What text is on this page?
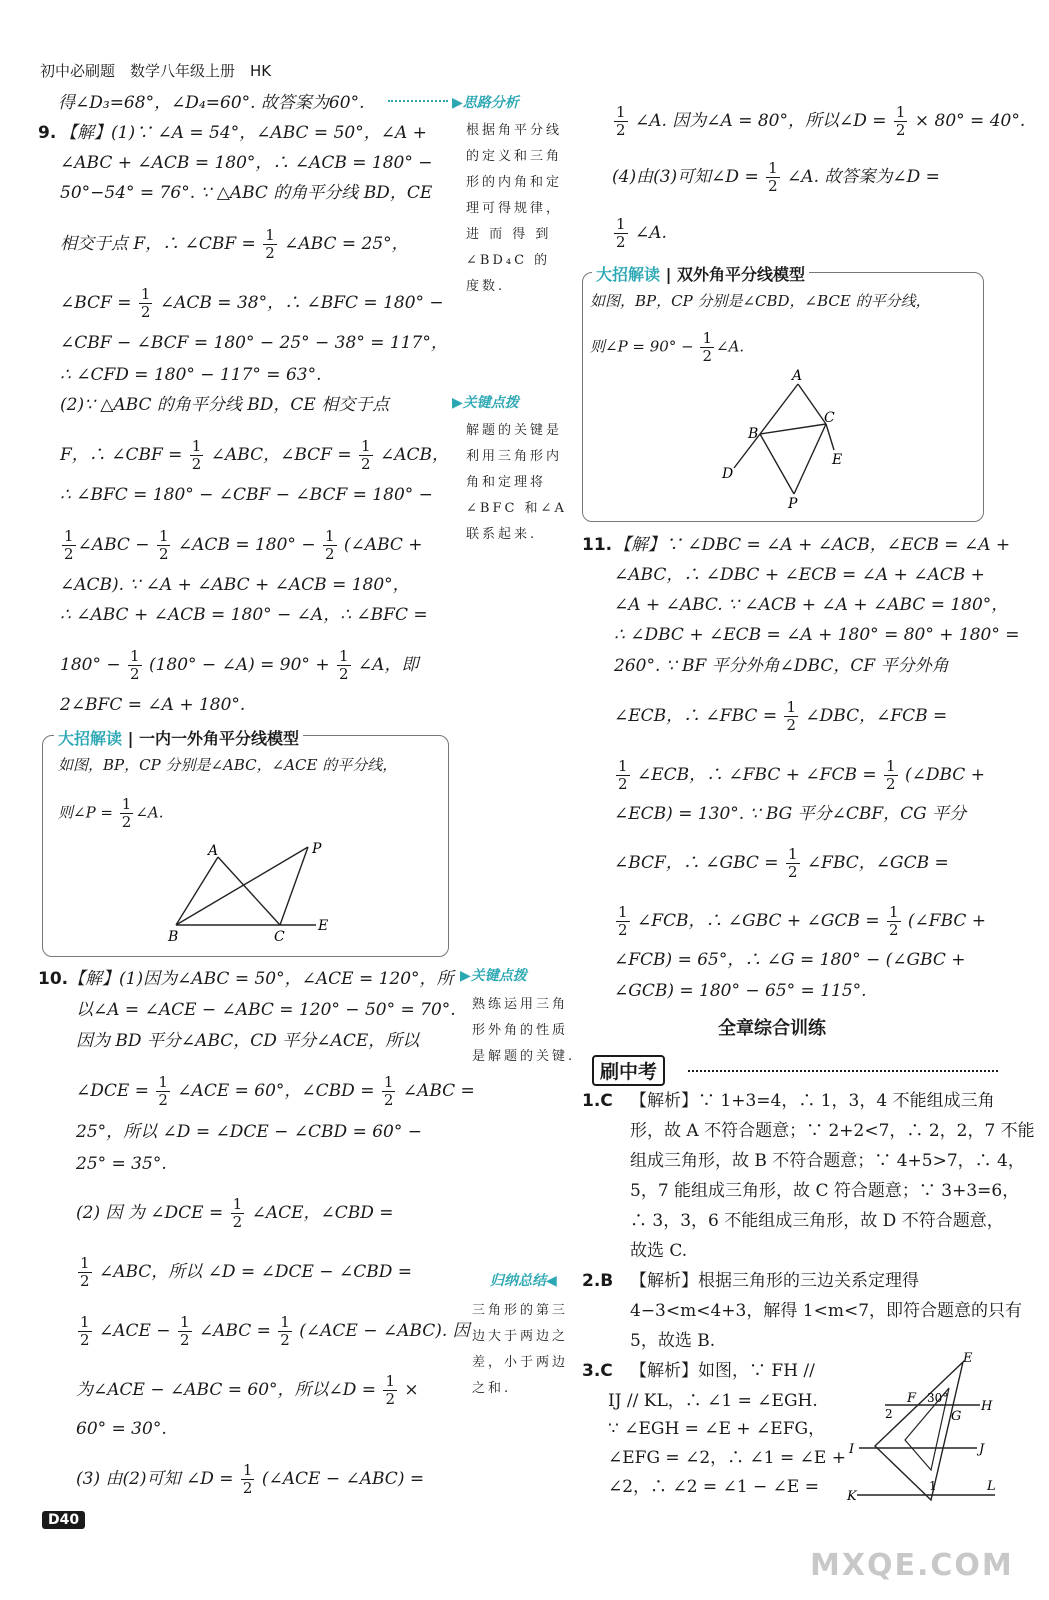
初中必刷题　数学八年级上册　HK
得∠D₃=68°，∠D₄=60°. 故答案为60°.	▶思路分析
9. 【解】(1)∵ ∠A = 54°，∠ABC = 50°，∠A +
∠ABC + ∠ACB = 180°，∴ ∠ACB = 180° −
50°−54° = 76°. ∵ △ABC 的角平分线 BD，CE
相交于点 F，∴ ∠CBF = $\frac{1}{2}$ ∠ABC = 25°，
∠BCF = $\frac{1}{2}$ ∠ACB = 38°，∴ ∠BFC = 180° −
∠CBF − ∠BCF = 180° − 25° − 38° = 117°，
∴ ∠CFD = 180° − 117° = 63°.
(2)∵ △ABC 的角平分线 BD，CE 相交于点
F，∴ ∠CBF = $\frac{1}{2}$ ∠ABC，∠BCF = $\frac{1}{2}$ ∠ACB，
∴ ∠BFC = 180° − ∠CBF − ∠BCF = 180° −
$\frac{1}{2}$ ∠ABC − $\frac{1}{2}$ ∠ACB = $180^\circ - \frac{1}{2}$ (∠ABC +
∠ACB). ∵ ∠A + ∠ABC + ∠ACB = 180°，
∴ ∠ABC + ∠ACB = 180° − ∠A，∴ ∠BFC =
$180^\circ - \frac{1}{2} (180^\circ$ − ∠A) = $90^\circ + \frac{1}{2}$ ∠A，即
2∠BFC = ∠A + 180°.
根据角平分线
的定义和三角
形的内角和定
理可得规律，
进 而 得 到
∠BD₄C 的
度数.
▶关键点拨
解题的关键是
利用三角形内
角和定理将
∠BFC 和∠A
联系起来.
大招解读 | 一内一外角平分线模型
如图，BP，CP 分别是∠ABC，∠ACE 的平分线，
则∠P = $\frac{1}{2}$ ∠A.
A
B	C
P
E
10. 【解】(1)因为∠ABC = 50°，∠ACE = 120°，所
以∠A = ∠ACE − ∠ABC = 120° − 50° = 70°.
因为 BD 平分∠ABC，CD 平分∠ACE，所以
∠DCE = $\frac{1}{2}$ ∠ACE = 60°，∠CBD = $\frac{1}{2}$ ∠ABC =
25°，所以 ∠D = ∠DCE − ∠CBD = 60° −
25° = 35°.
(2) 因 为 ∠DCE = $\frac{1}{2}$ ∠ACE，∠CBD =
$\frac{1}{2}$ ∠ABC，所以 ∠D = ∠DCE − ∠CBD =
$\frac{1}{2}$ ∠ACE − $\frac{1}{2}$ ∠ABC = $\frac{1}{2}$ (∠ACE − ∠ABC). 因
为∠ACE − ∠ABC = 60°，所以∠D = $\frac{1}{2}$ ×
60° = 30°.
(3) 由(2)可知 ∠D = $\frac{1}{2}$ (∠ACE − ∠ABC) =
▶关键点拨
熟练运用三角
形外角的性质
是解题的关键.
归纳总结◀
三角形的第三
边大于两边之
差，小于两边
之和.
D40
$\frac{1}{2}$ ∠A. 因为∠A = 80°，所以∠D = $\frac{1}{2} \times 80^\circ = 40^\circ$.
(4)由(3)可知∠D = $\frac{1}{2}$ ∠A. 故答案为∠D =
$\frac{1}{2}$ ∠A.
大招解读 | 双外角平分线模型
如图，BP，CP 分别是∠CBD，∠BCE 的平分线，
则∠P = $90^\circ - \frac{1}{2}$ ∠A.
A
B
C
D
E
P
11. 【解】∵ ∠DBC = ∠A + ∠ACB，∠ECB = ∠A +
∠ABC，∴ ∠DBC + ∠ECB = ∠A + ∠ACB +
∠A + ∠ABC. ∵ ∠ACB + ∠A + ∠ABC = 180°，
∴ ∠DBC + ∠ECB = ∠A + 180° = 80° + 180° =
260°. ∵ BF 平分外角∠DBC，CF 平分外角
∠ECB，∴ ∠FBC = $\frac{1}{2}$ ∠DBC，∠FCB =
$\frac{1}{2}$ ∠ECB，∴ ∠FBC + ∠FCB = $\frac{1}{2}$ (∠DBC +
∠ECB) = 130°. ∵ BG 平分∠CBF，CG 平分
∠BCF，∴ ∠GBC = $\frac{1}{2}$ ∠FBC，∠GCB =
$\frac{1}{2}$ ∠FCB，∴ ∠GBC + ∠GCB = $\frac{1}{2}$ (∠FBC +
∠FCB) = 65°，∴ ∠G = 180° − (∠GBC +
∠GCB) = 180° − 65° = 115°.
全章综合训练
刷中考
1.C 【解析】∵ 1+3=4，∴ 1，3，4 不能组成三角
形，故 A 不符合题意；∵ 2+2<7，∴ 2，2，7 不能
组成三角形，故 B 不符合题意；∵ 4+5>7，∴ 4，
5，7 能组成三角形，故 C 符合题意；∵ 3+3=6，
∴ 3，3，6 不能组成三角形，故 D 不符合题意，
故选 C.
2.B 【解析】根据三角形的三边关系定理得
4−3<m<4+3，解得 1<m<7，即符合题意的只有
5，故选 B.
3.C 【解析】如图，∵ FH //
IJ // KL，∴ ∠1 = ∠EGH.
∵ ∠EGH = ∠E + ∠EFG，
∠EFG = ∠2，∴ ∠1 = ∠E +
∠2，∴ ∠2 = ∠1 − ∠E =
E
F 30°
H
G
2
I	J
K
1	L
MXQE.COM
